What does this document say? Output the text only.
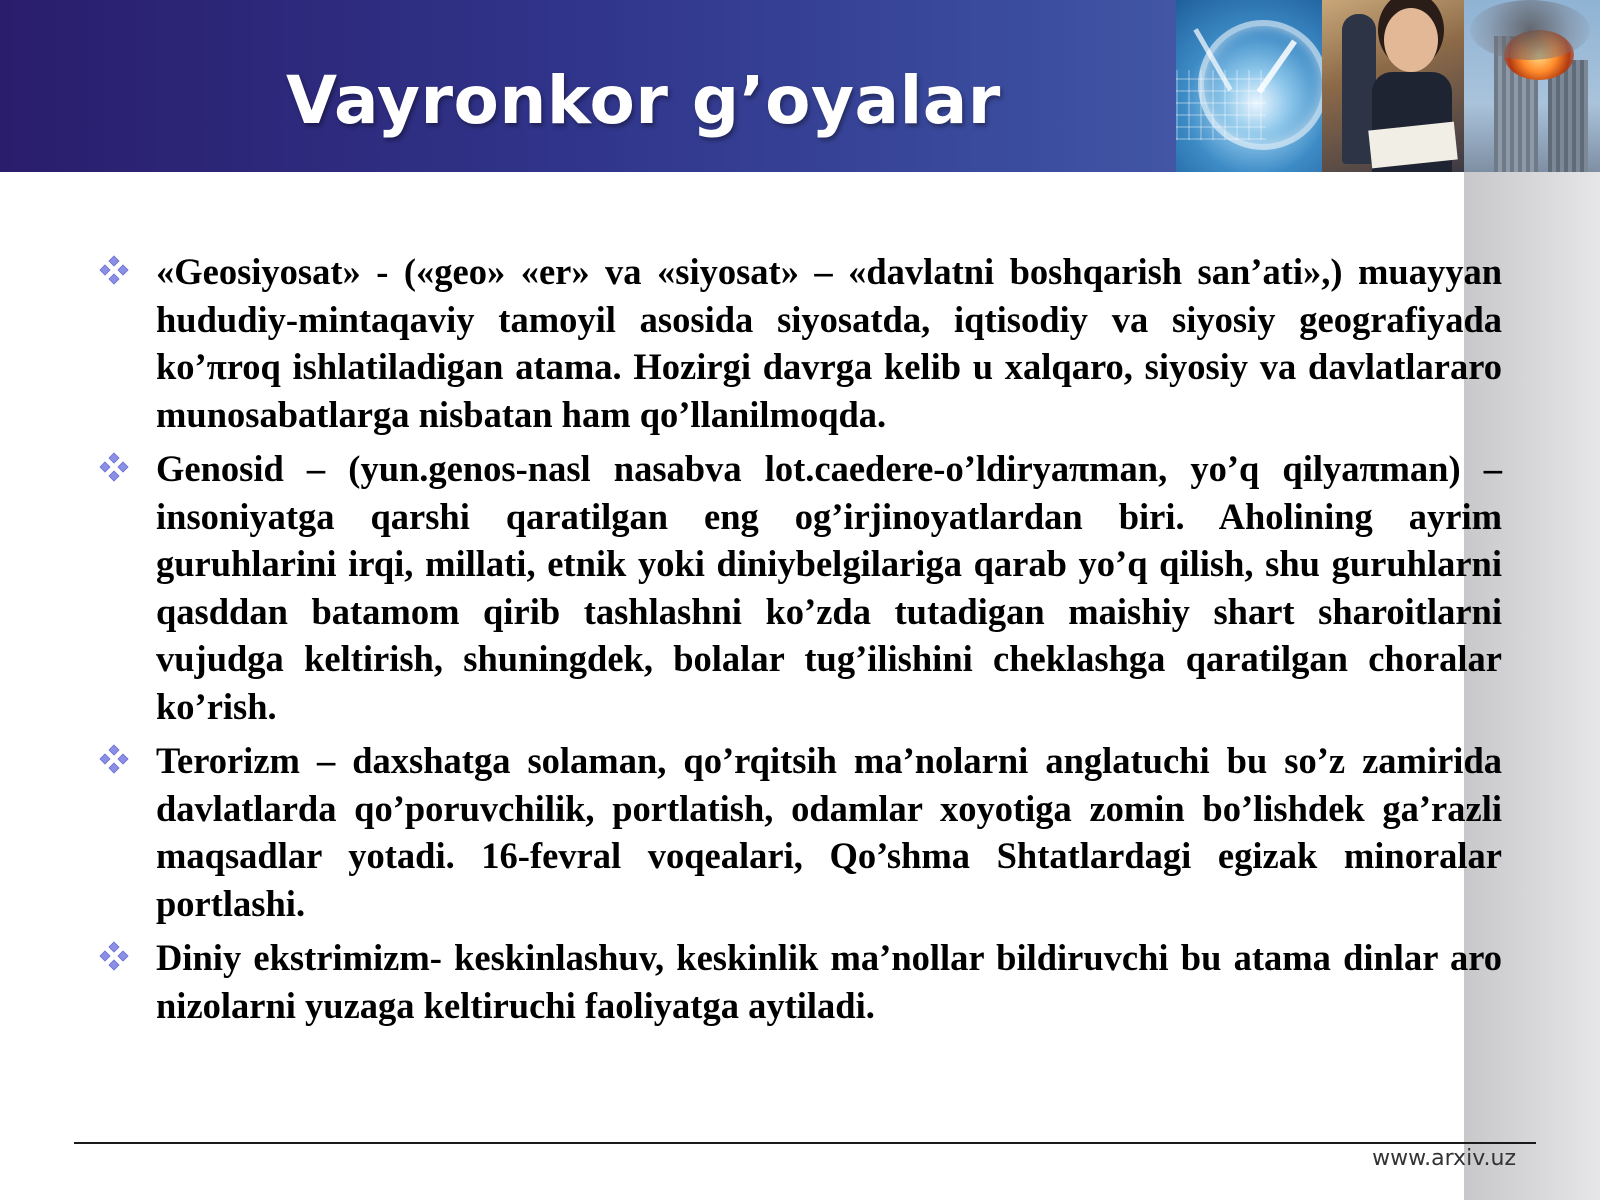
Vayronkor g’oyalar
«Geosiyosat» - («geo» «er» va «siyosat» – «davlatni boshqarish san’ati»,) muayyan hududiy-mintaqaviy tamoyil asosida siyosatda, iqtisodiy va siyosiy geografiyada ko’πroq ishlatiladigan atama. Hozirgi davrga kelib u xalqaro, siyosiy va davlatlararo munosabatlarga nisbatan ham qo’llanilmoqda.
Genosid – (yun.genos-nasl nasabva lot.caedere-o’ldiryaπman, yo’q qilyaπman) –insoniyatga qarshi qaratilgan eng og’irjinoyatlardan biri. Aholining ayrim guruhlarini irqi, millati, etnik yoki diniybelgilariga qarab yo’q qilish, shu guruhlarni qasddan batamom qirib tashlashni ko’zda tutadigan maishiy shart sharoitlarni vujudga keltirish, shuningdek, bolalar tug’ilishini cheklashga qaratilgan choralar ko’rish.
Terorizm – daxshatga solaman, qo’rqitsih ma’nolarni anglatuchi bu so’z zamirida davlatlarda qo’poruvchilik, portlatish, odamlar xoyotiga zomin bo’lishdek ga’razli maqsadlar yotadi. 16-fevral voqealari, Qo’shma Shtatlardagi egizak minoralar portlashi.
Diniy ekstrimizm- keskinlashuv, keskinlik ma’nollar bildiruvchi bu atama dinlar aro nizolarni yuzaga keltiruchi faoliyatga aytiladi.
www.arxiv.uz
